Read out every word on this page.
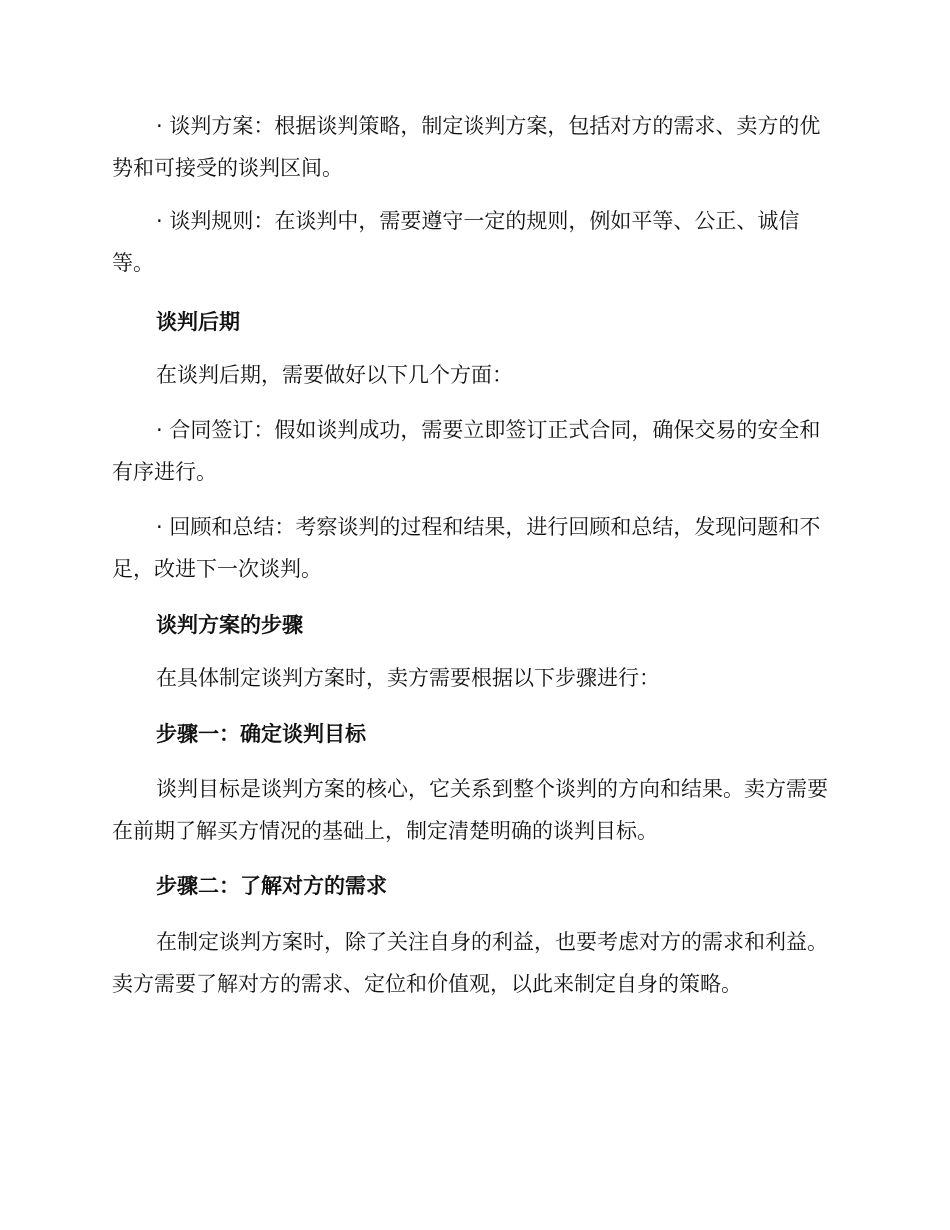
· 谈判方案：根据谈判策略，制定谈判方案，包括对方的需求、卖方的优势和可接受的谈判区间。

· 谈判规则：在谈判中，需要遵守一定的规则，例如平等、公正、诚信等。

谈判后期

在谈判后期，需要做好以下几个方面：

· 合同签订：假如谈判成功，需要立即签订正式合同，确保交易的安全和有序进行。

· 回顾和总结：考察谈判的过程和结果，进行回顾和总结，发现问题和不足，改进下一次谈判。

谈判方案的步骤

在具体制定谈判方案时，卖方需要根据以下步骤进行：

步骤一：确定谈判目标

谈判目标是谈判方案的核心，它关系到整个谈判的方向和结果。卖方需要在前期了解买方情况的基础上，制定清楚明确的谈判目标。

步骤二：了解对方的需求

在制定谈判方案时，除了关注自身的利益，也要考虑对方的需求和利益。卖方需要了解对方的需求、定位和价值观，以此来制定自身的策略。
